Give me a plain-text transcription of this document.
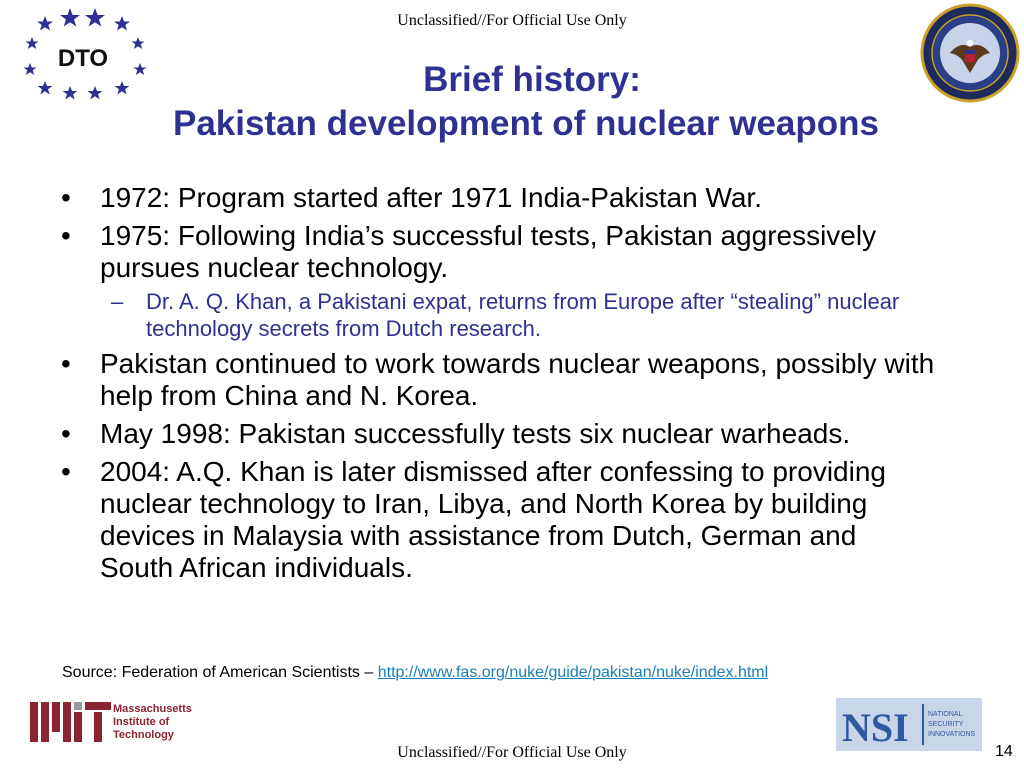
Unclassified//For Official Use Only
DTO
Brief history:
Pakistan development of nuclear weapons
• 1972: Program started after 1971 India-Pakistan War.
• 1975: Following India’s successful tests, Pakistan aggressively pursues nuclear technology.
– Dr. A. Q. Khan, a Pakistani expat, returns from Europe after “stealing” nuclear technology secrets from Dutch research.
• Pakistan continued to work towards nuclear weapons, possibly with help from China and N. Korea.
• May 1998: Pakistan successfully tests six nuclear warheads.
• 2004: A.Q. Khan is later dismissed after confessing to providing nuclear technology to Iran, Libya, and North Korea by building devices in Malaysia with assistance from Dutch, German and South African individuals.
Source: Federation of American Scientists – http://www.fas.org/nuke/guide/pakistan/nuke/index.html
Massachusetts
Institute of
Technology	NSI	NATIONAL
SECURITY
INNOVATIONS
Unclassified//For Official Use Only	14
